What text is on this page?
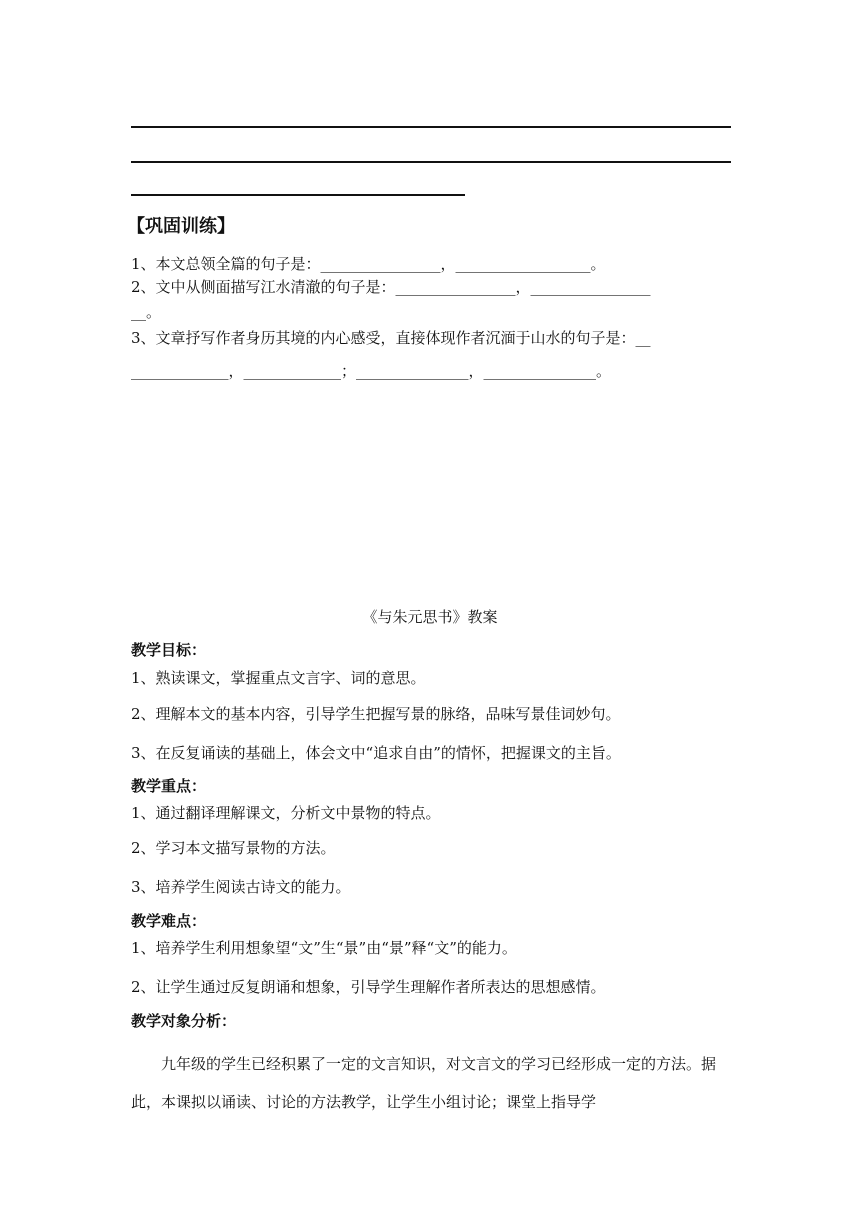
【巩固训练】
1、本文总领全篇的句子是：________________，__________________。
2、文中从侧面描写江水清澈的句子是：________________，________________
__。
3、文章抒写作者身历其境的内心感受，直接体现作者沉湎于山水的句子是：__
_____________，_____________；_______________，_______________。
《与朱元思书》教案
教学目标：
1、熟读课文，掌握重点文言字、词的意思。
2、理解本文的基本内容，引导学生把握写景的脉络，品味写景佳词妙句。
3、在反复诵读的基础上，体会文中“追求自由”的情怀，把握课文的主旨。
教学重点：
1、通过翻译理解课文，分析文中景物的特点。
2、学习本文描写景物的方法。
3、培养学生阅读古诗文的能力。
教学难点：
1、培养学生利用想象望“文”生“景”由“景”释“文”的能力。
2、让学生通过反复朗诵和想象，引导学生理解作者所表达的思想感情。
教学对象分析：
九年级的学生已经积累了一定的文言知识，对文言文的学习已经形成一定的方法。据此，本课拟以诵读、讨论的方法教学，让学生小组讨论；课堂上指导学
